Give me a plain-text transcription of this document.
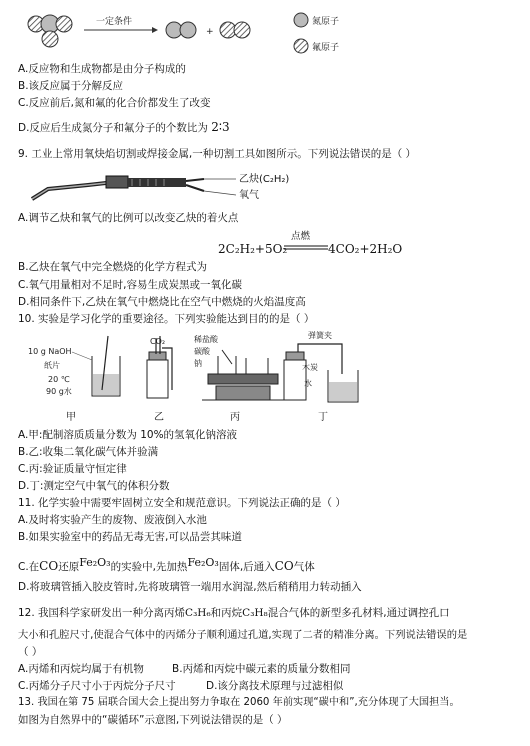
一定条件
+
氮原子
氟原子
A.反应物和生成物都是由分子构成的
B.该反应属于分解反应
C.反应前后,氮和氟的化合价都发生了改变
D.反应后生成氮分子和氟分子的个数比为 2∶3
9. 工业上常用氧炔焰切割或焊接金属,一种切割工具如图所示。下列说法错误的是（ ）
乙炔(C₂H₂)
氧气
A.调节乙炔和氧气的比例可以改变乙炔的着火点
2C₂H₂+5O₂
点燃
4CO₂+2H₂O
B.乙炔在氧气中完全燃烧的化学方程式为
C.氧气用量相对不足时,容易生成炭黑或一氧化碳
D.相同条件下,乙炔在氧气中燃烧比在空气中燃烧的火焰温度高
10. 实验是学习化学的重要途径。下列实验能达到目的的是（ ）
10 g NaOH
纸片
20 ℃
90 g水
CO₂	稀盐酸
碳酸
钠
弹簧夹
木炭
水
甲	乙	丙	丁
A.甲:配制溶质质量分数为 10%的氢氧化钠溶液
B.乙:收集二氧化碳气体并验满
C.丙:验证质量守恒定律
D.丁:测定空气中氧气的体积分数
11. 化学实验中需要牢固树立安全和规范意识。下列说法正确的是（ ）
A.及时将实验产生的废物、废液倒入水池
B.如果实验室中的药品无毒无害,可以品尝其味道
C.在CO还原Fe₂O₃的实验中,先加热Fe₂O₃固体,后通入CO气体
D.将玻璃管插入胶皮管时,先将玻璃管一端用水润湿,然后稍稍用力转动插入
12. 我国科学家研发出一种分离丙烯C₃H₆和丙烷C₃H₈混合气体的新型多孔材料,通过调控孔口
大小和孔腔尺寸,使混合气体中的丙烯分子顺利通过孔道,实现了二者的精准分离。下列说法错误的是
（ ）
A.丙烯和丙烷均属于有机物	B.丙烯和丙烷中碳元素的质量分数相同
C.丙烯分子尺寸小于丙烷分子尺寸	D.该分离技术原理与过滤相似
13. 我国在第 75 届联合国大会上提出努力争取在 2060 年前实现“碳中和”,充分体现了大国担当。
如图为自然界中的“碳循环”示意图,下列说法错误的是（ ）
